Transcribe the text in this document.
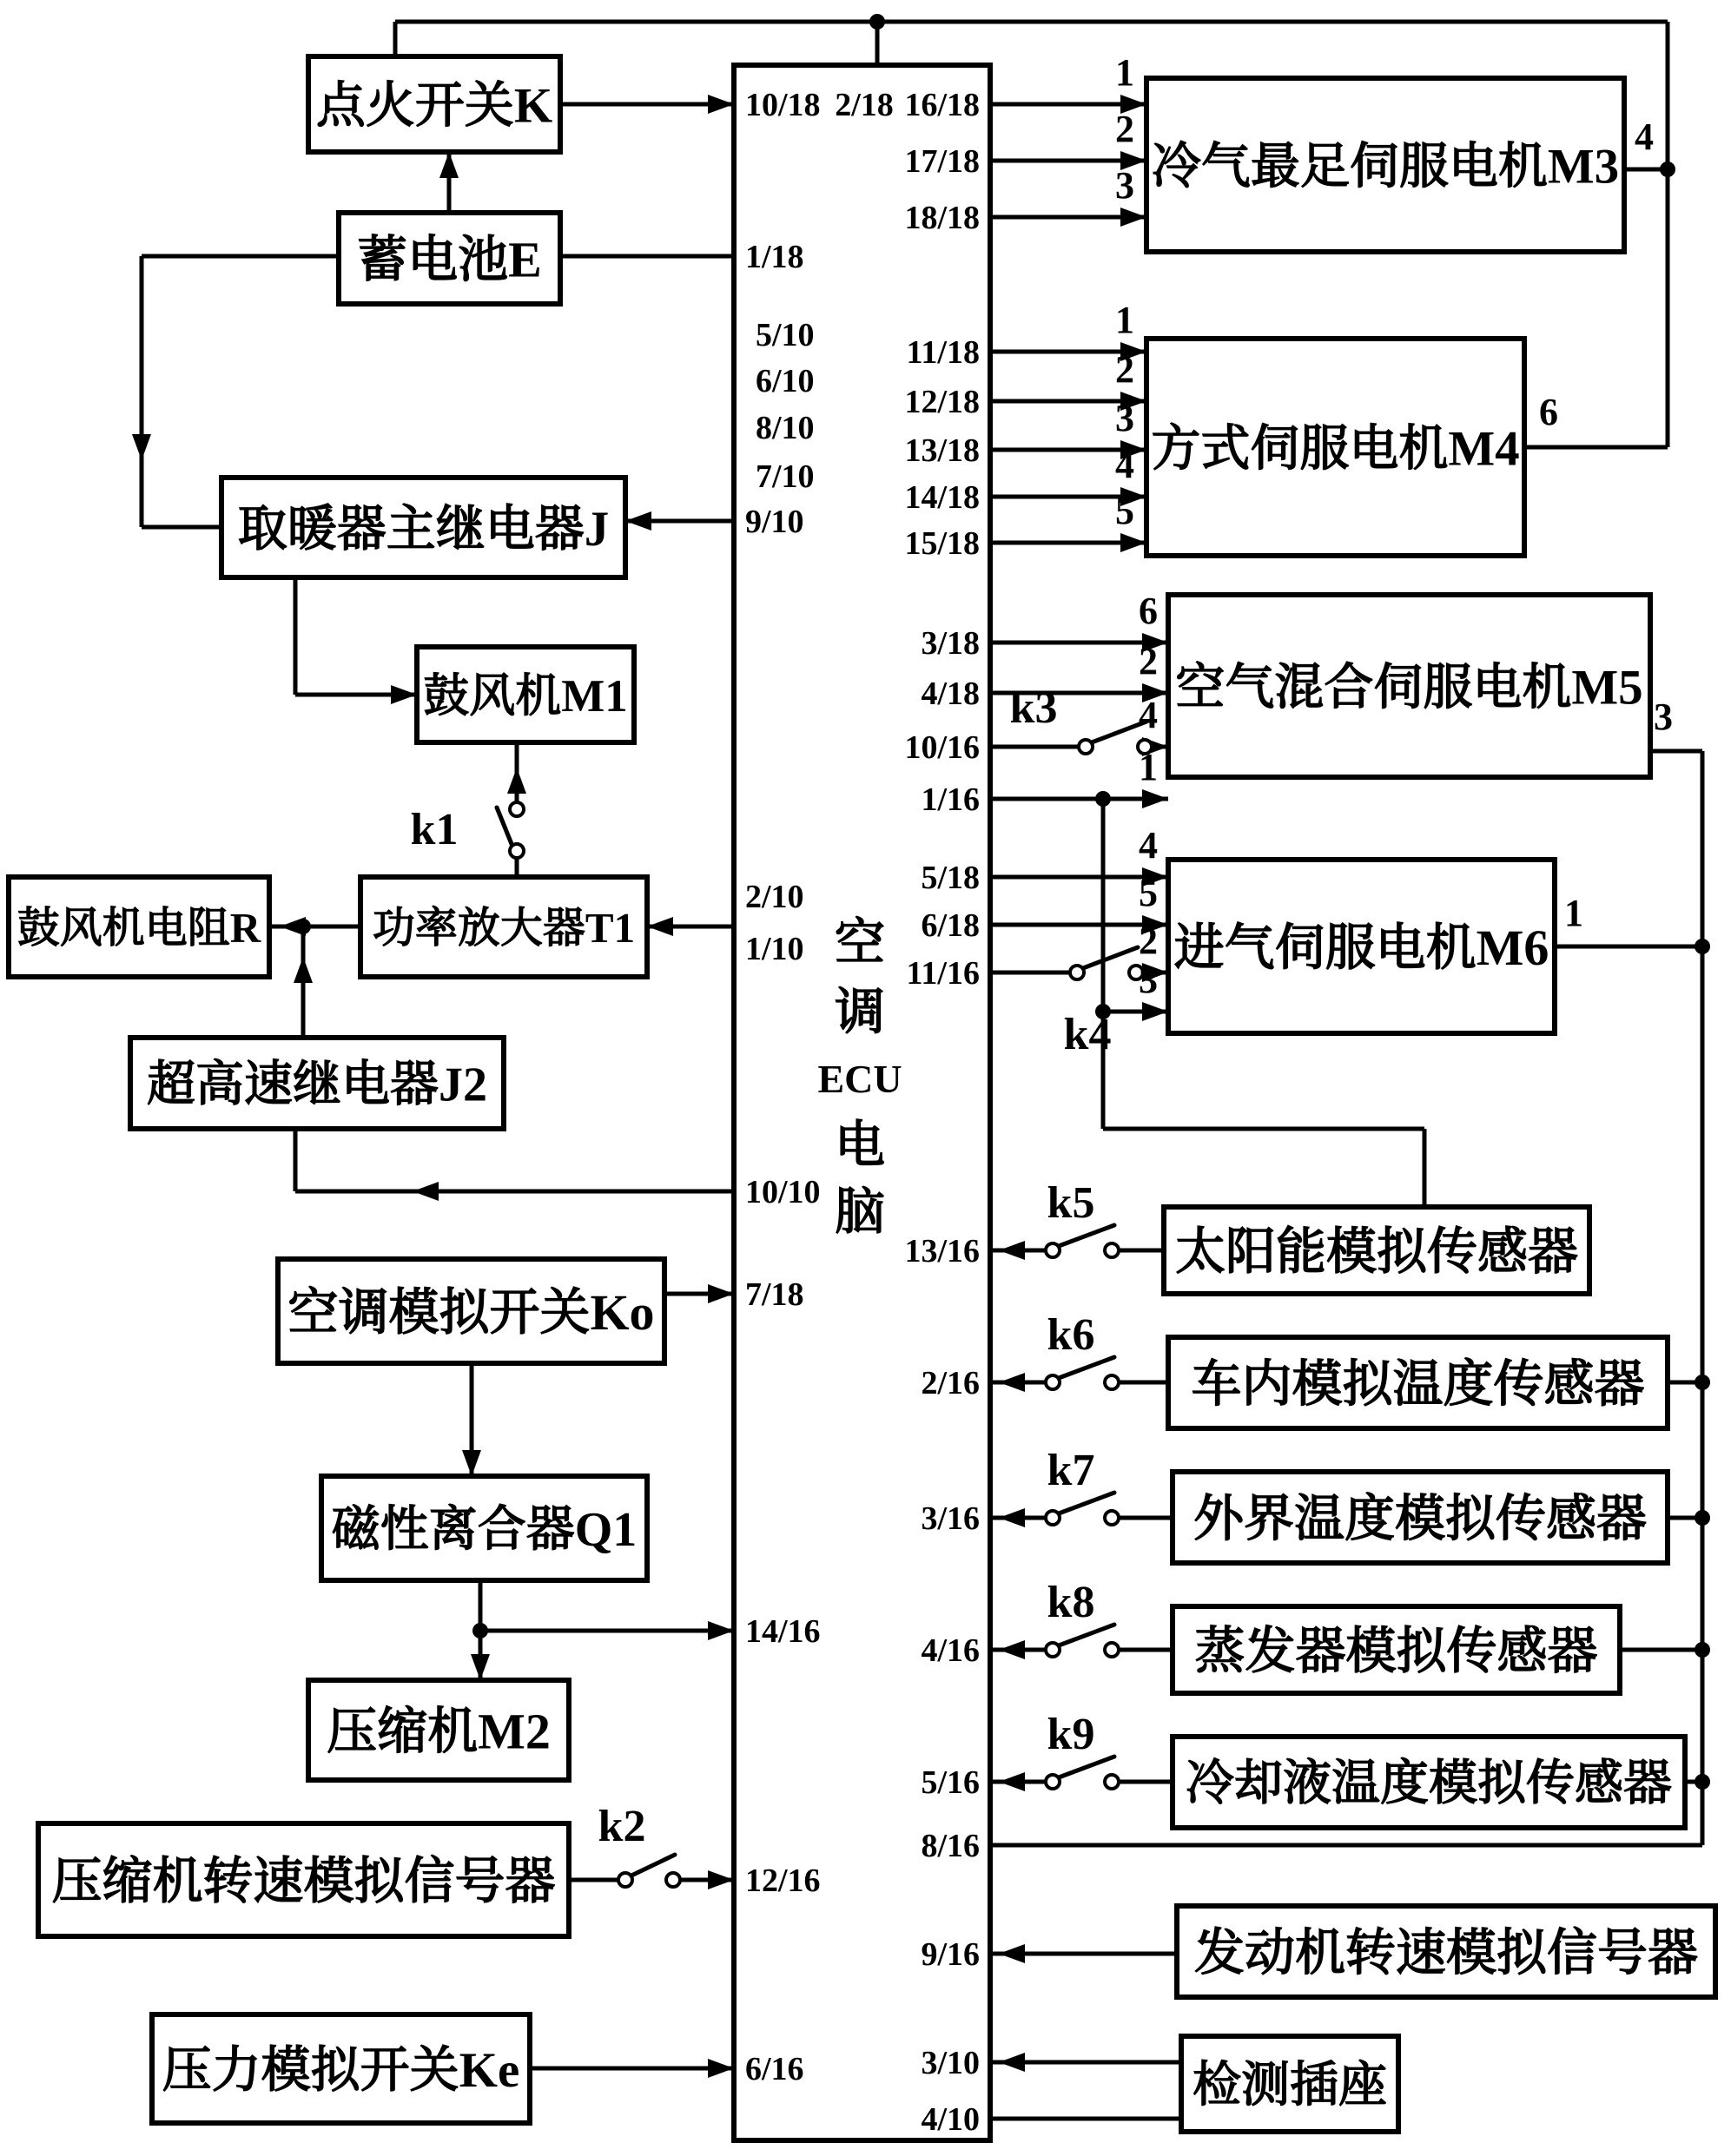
空
调
ECU
电
脑
点火开关K
蓄电池E
取暖器主继电器J
鼓风机M1
鼓风机电阻R	功率放大器T1
超高速继电器J2
空调模拟开关Ko
磁性离合器Q1
压缩机M2
压缩机转速模拟信号器
压力模拟开关Ke
冷气最足伺服电机M3
方式伺服电机M4
空气混合伺服电机M5
进气伺服电机M6
太阳能模拟传感器
车内模拟温度传感器
外界温度模拟传感器
蒸发器模拟传感器
冷却液温度模拟传感器
发动机转速模拟信号器
检测插座
k1
k2
k3
k4
k5
k6
k7
k8
k9
10/18 2/18 16/18
17/18
18/18
1/18
5/10
6/10
8/10
7/10
9/10
11/18
12/18
13/18
14/18
15/18
3/18
4/18
10/16
1/16
5/18
6/18
11/16
2/10
1/10
10/10
13/16
7/18
2/16
3/16
14/16
4/16
5/16
8/16
12/16
9/16
3/10
6/16
4/10
1
2
3
4
1
2
3
4
5
6
6
2
4
1
3
4
5
2
3
1
